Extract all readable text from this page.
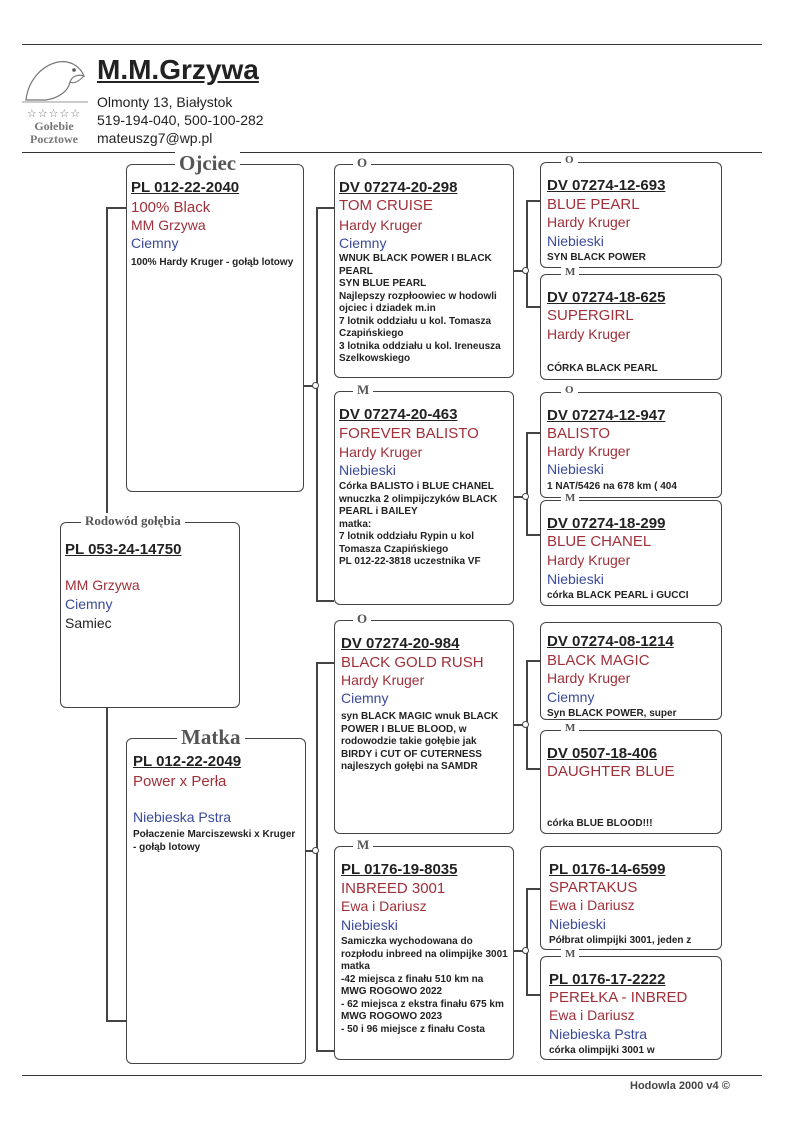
☆☆☆☆☆
Gołebie
Pocztowe
M.M.Grzywa
Olmonty 13, Białystok
519-194-040, 500-100-282
mateuszg7@wp.pl
Rodowód gołębia
PL 053-24-14750
MM Grzywa
Ciemny
Samiec
Ojciec
PL 012-22-2040
100% Black
MM Grzywa
Ciemny
100% Hardy Kruger - gołąb lotowy
Matka
PL 012-22-2049
Power x Perła
Niebieska Pstra
Połaczenie Marciszewski x Kruger - gołąb lotowy
O
DV 07274-20-298
TOM CRUISE
Hardy Kruger
Ciemny
WNUK BLACK POWER I BLACK PEARL
SYN BLUE PEARL
Najlepszy rozpłoowiec w hodowli ojciec i dziadek m.in
7 lotnik oddziału u kol. Tomasza Czapińskiego
3 lotnika oddziału u kol. Ireneusza Szelkowskiego
M
DV 07274-20-463
FOREVER BALISTO
Hardy Kruger
Niebieski
Córka BALISTO i BLUE CHANEL wnuczka 2 olimpijczyków BLACK PEARL i BAILEY
matka:
7 lotnik oddziału Rypin u kol Tomasza Czapińskiego
PL 012-22-3818 uczestnika VF
O
DV 07274-20-984
BLACK GOLD RUSH
Hardy Kruger
Ciemny
syn BLACK MAGIC wnuk BLACK POWER I BLUE BLOOD, w rodowodzie takie gołębie jak BIRDY i CUT OF CUTERNESS najleszych gołębi na SAMDR
M
PL 0176-19-8035
INBREED 3001
Ewa i Dariusz
Niebieski
Samiczka wychodowana do rozpłodu inbreed na olimpijke 3001
matka
-42 miejsca z finału 510 km na MWG ROGOWO 2022
- 62 miejsca z ekstra finału 675 km MWG ROGOWO 2023
- 50 i 96 miejsce z finału Costa
O
DV 07274-12-693
BLUE PEARL
Hardy Kruger
Niebieski
SYN BLACK POWER
M
DV 07274-18-625
SUPERGIRL
Hardy Kruger
CÓRKA BLACK PEARL
O
DV 07274-12-947
BALISTO
Hardy Kruger
Niebieski
1 NAT/5426 na 678 km ( 404
M
DV 07274-18-299
BLUE CHANEL
Hardy Kruger
Niebieski
córka BLACK PEARL i GUCCI
DV 07274-08-1214
BLACK MAGIC
Hardy Kruger
Ciemny
Syn BLACK POWER, super
M
DV 0507-18-406
DAUGHTER BLUE
córka BLUE BLOOD!!!
PL 0176-14-6599
SPARTAKUS
Ewa i Dariusz
Niebieski
Półbrat olimpijki 3001, jeden z
M
PL 0176-17-2222
PEREŁKA - INBRED
Ewa i Dariusz
Niebieska Pstra
córka olimpijki 3001 w
Hodowla 2000 v4 ©
